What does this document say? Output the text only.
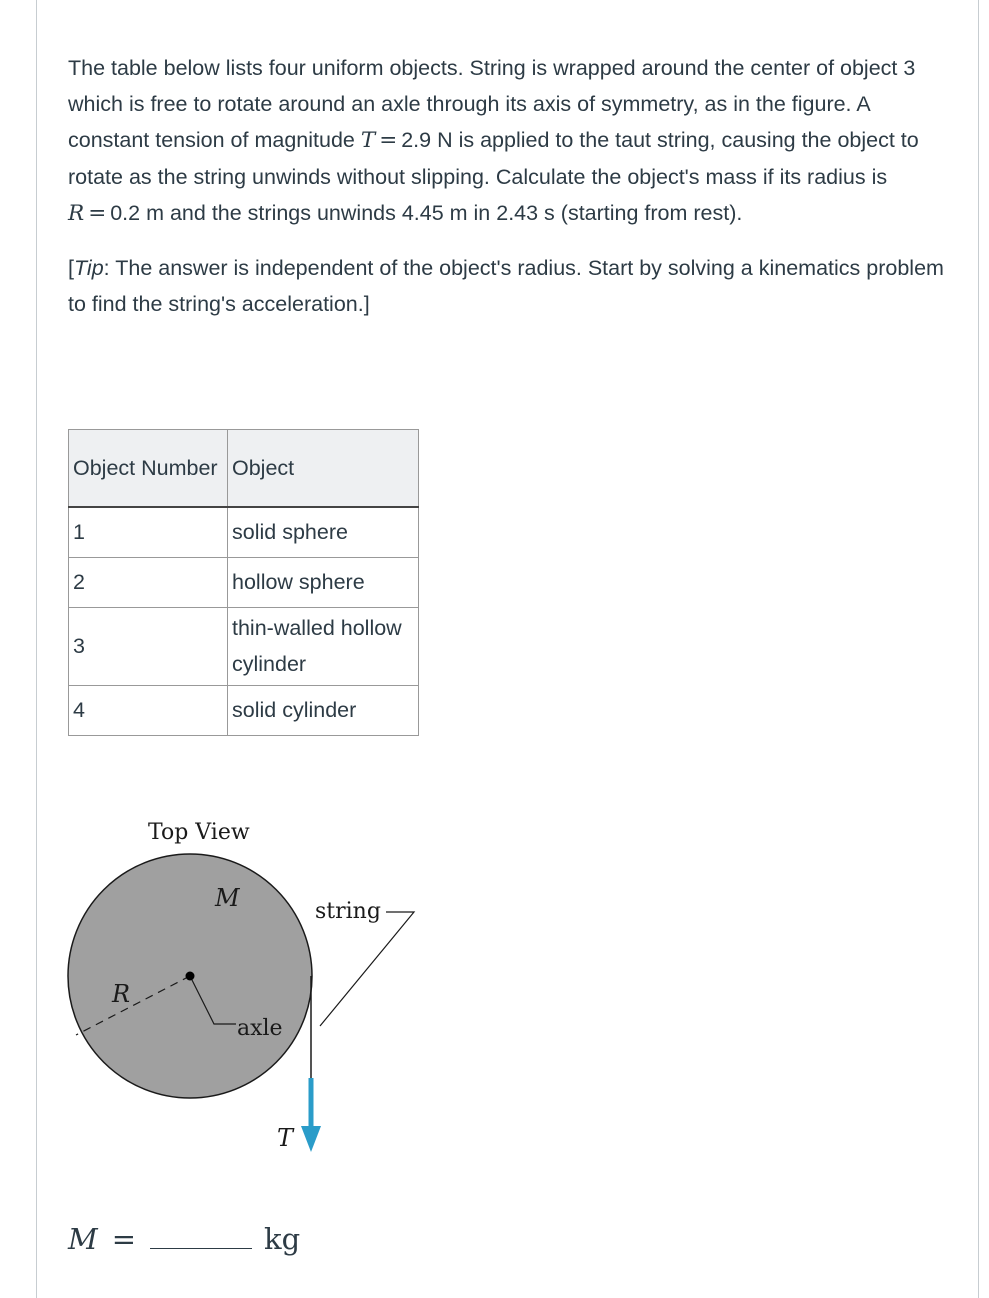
The table below lists four uniform objects. String is wrapped around the center of object 3 which is free to rotate around an axle through its axis of symmetry, as in the figure. A constant tension of magnitude T = 2.9 N is applied to the taut string, causing the object to rotate as the string unwinds without slipping. Calculate the object's mass if its radius is R = 0.2 m and the strings unwinds 4.45 m in 2.43 s (starting from rest).

[Tip: The answer is independent of the object's radius. Start by solving a kinematics problem to find the string's acceleration.]

Object Number	Object
1	solid sphere
2	hollow sphere
3	thin-walled hollow cylinder
4	solid cylinder
Top View
axle
M
R
string
T
M =	kg
